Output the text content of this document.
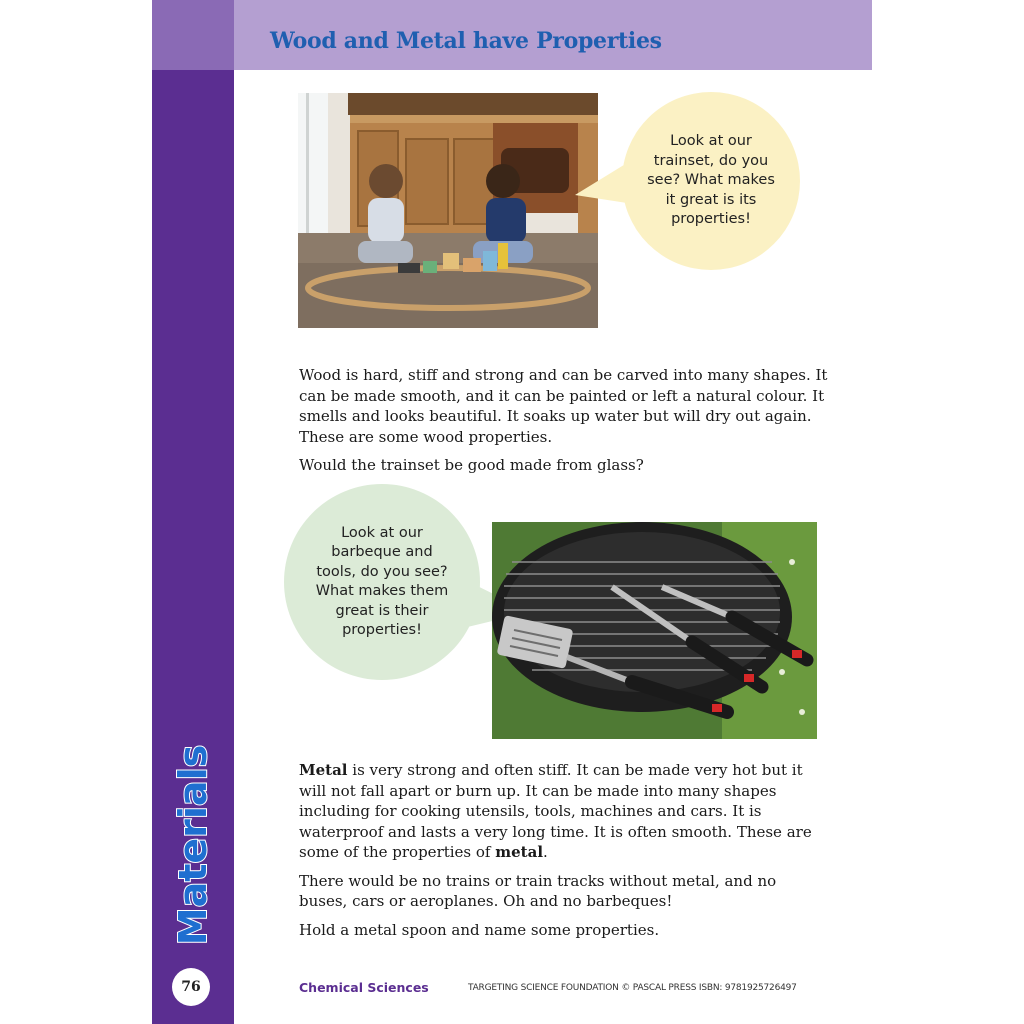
Wood and Metal have Properties
Materials
76
Look at our
trainset, do you
see? What makes
it great is its
properties!

Wood is hard, stiff and strong and can be carved into many shapes. It can be made smooth, and it can be painted or left a natural colour. It smells and looks beautiful. It soaks up water but will dry out again. These are some wood properties.

Would the trainset be good made from glass?

Look at our
barbeque and
tools, do you see?
What makes them
great is their
properties!

Metal is very strong and often stiff. It can be made very hot but it will not fall apart or burn up. It can be made into many shapes including for cooking utensils, tools, machines and cars. It is waterproof and lasts a very long time. It is often smooth. These are some of the properties of metal.

There would be no trains or train tracks without metal, and no buses, cars or aeroplanes. Oh and no barbeques!

Hold a metal spoon and name some properties.

Chemical Sciences	TARGETING SCIENCE FOUNDATION © PASCAL PRESS ISBN: 9781925726497
